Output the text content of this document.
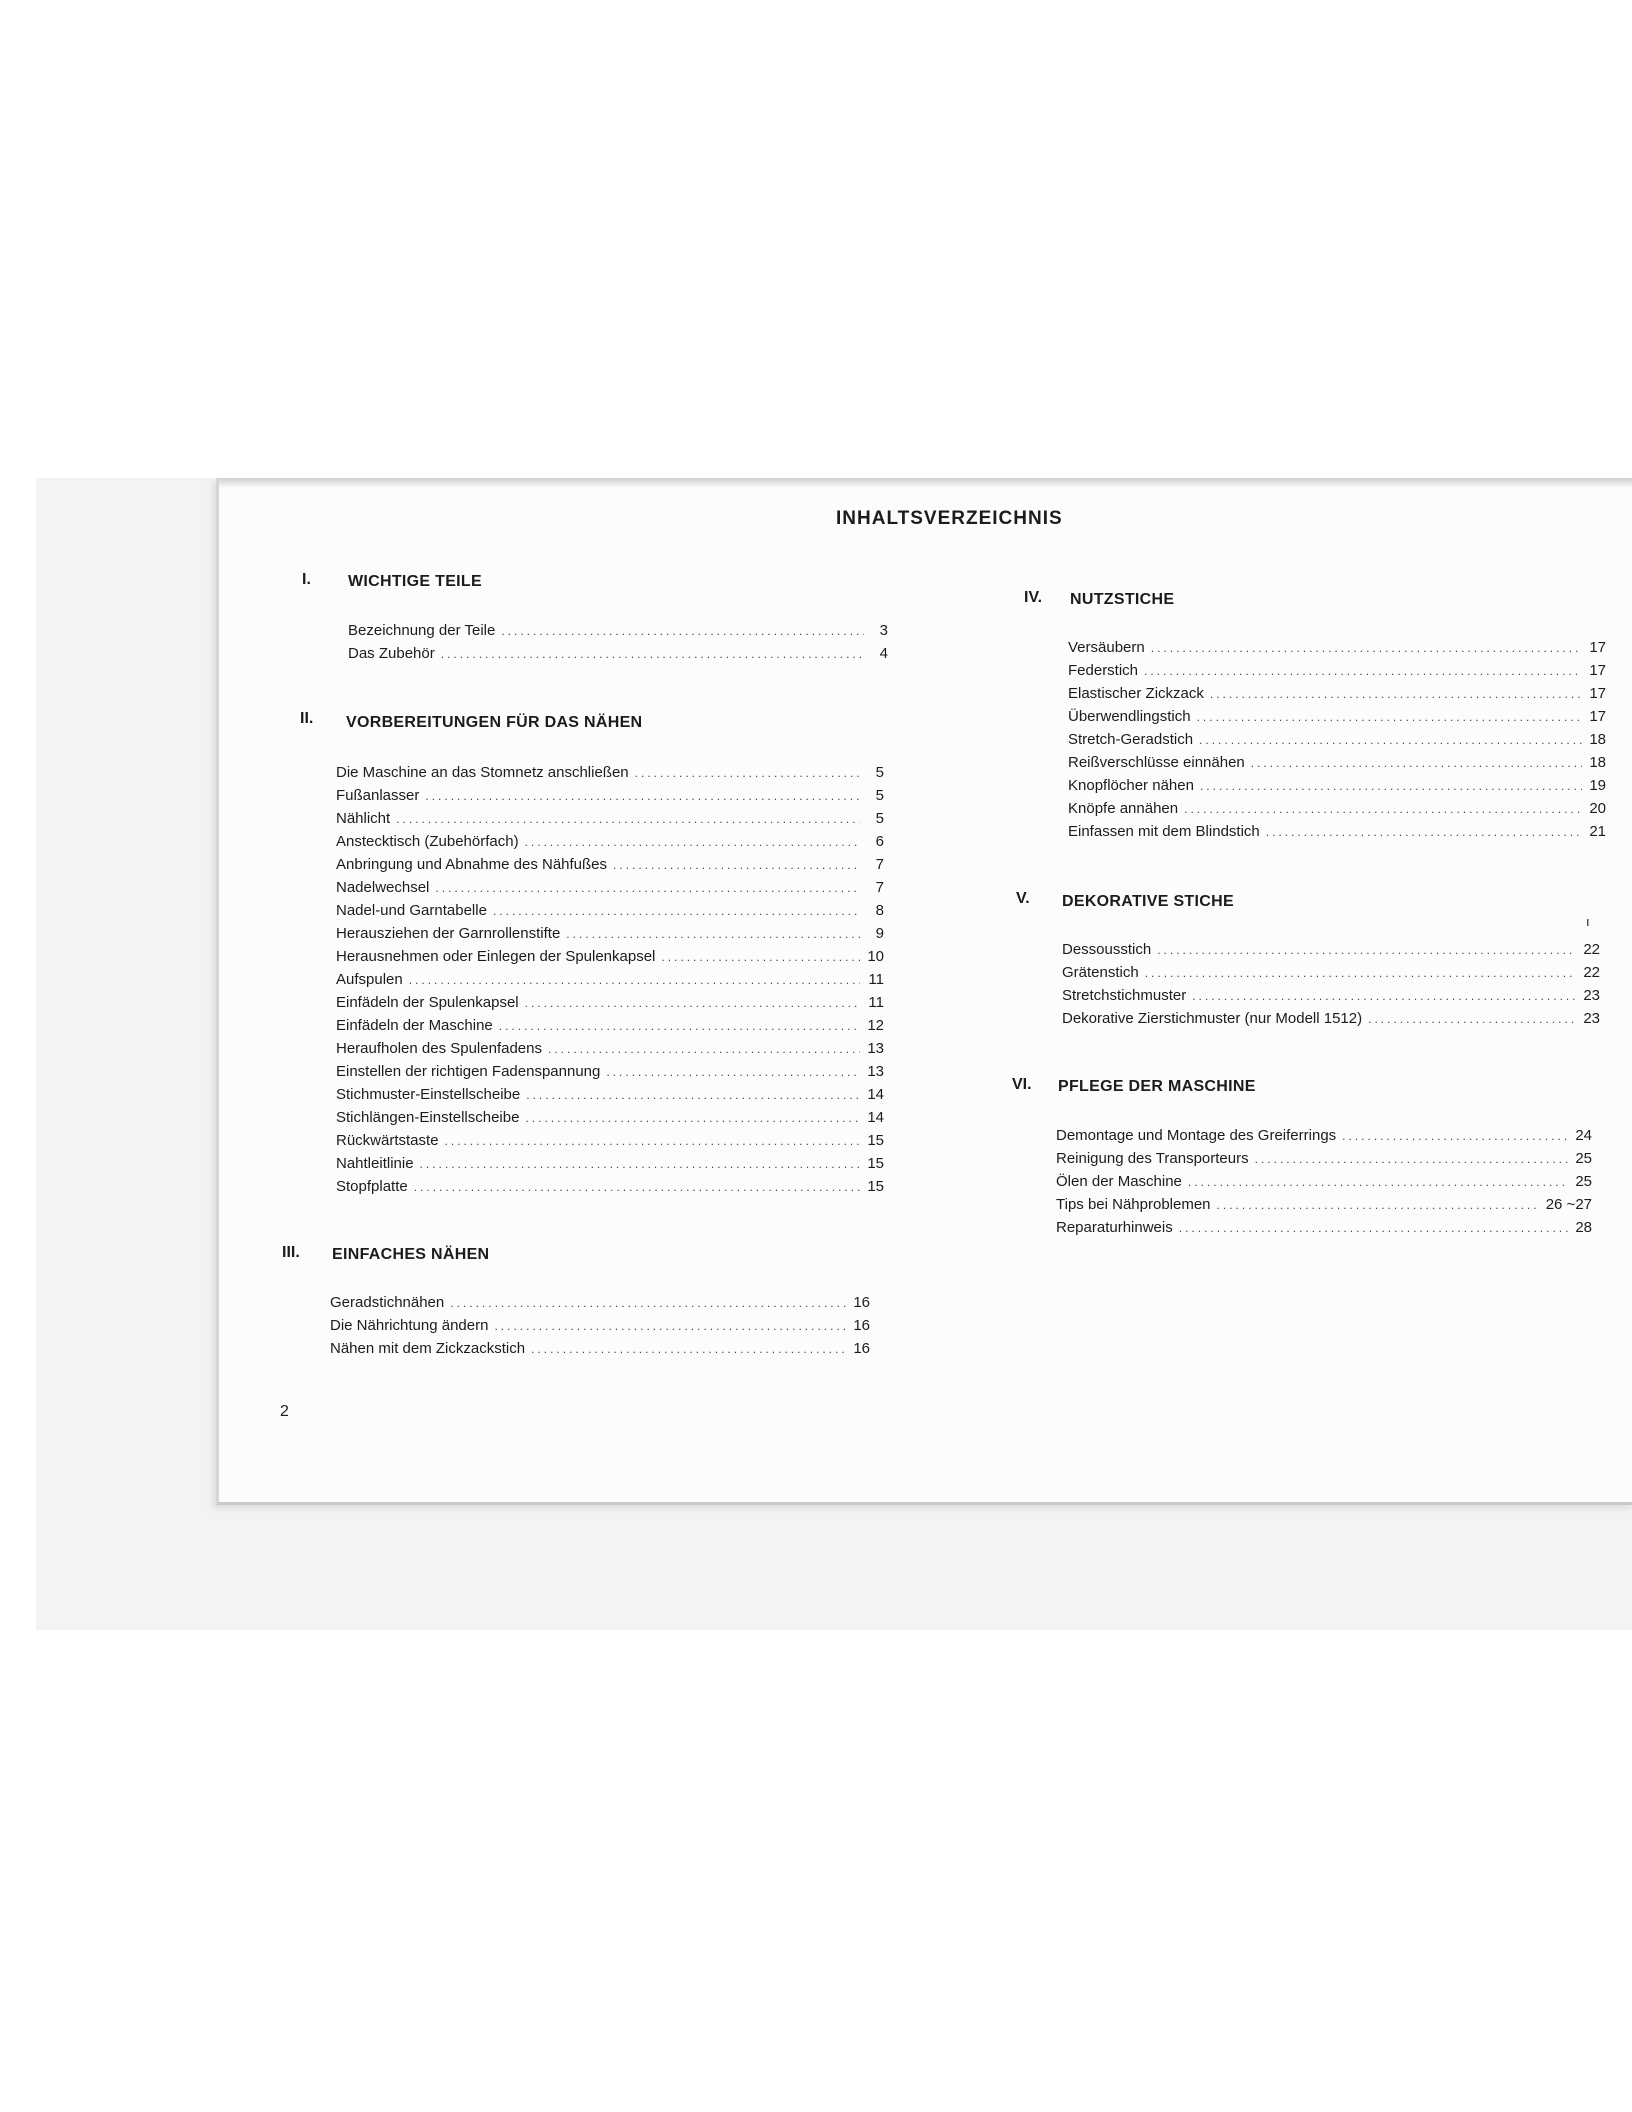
INHALTSVERZEICHNIS
I. WICHTIGE TEILE
Bezeichnung der Teile .....	3
Das Zubehör .....	4
II. VORBEREITUNGEN FÜR DAS NÄHEN
Die Maschine an das Stomnetz anschließen .....	5
Fußanlasser .....	5
Nählicht .....	5
Anstecktisch (Zubehörfach) .....	6
Anbringung und Abnahme des Nähfußes .....	7
Nadelwechsel .....	7
Nadel-und Garntabelle .....	8
Herausziehen der Garnrollenstifte .....	9
Herausnehmen oder Einlegen der Spulenkapsel .....	10
Aufspulen .....	11
Einfädeln der Spulenkapsel .....	11
Einfädeln der Maschine .....	12
Heraufholen des Spulenfadens .....	13
Einstellen der richtigen Fadenspannung .....	13
Stichmuster-Einstellscheibe .....	14
Stichlängen-Einstellscheibe .....	14
Rückwärtstaste .....	15
Nahtleitlinie .....	15
Stopfplatte .....	15
III. EINFACHES NÄHEN
Geradstichnähen .....	16
Die Nährichtung ändern .....	16
Nähen mit dem Zickzackstich .....	16
IV. NUTZSTICHE
Versäubern .....	17
Federstich .....	17
Elastischer Zickzack .....	17
Überwendlingstich .....	17
Stretch-Geradstich .....	18
Reißverschlüsse einnähen .....	18
Knopflöcher nähen .....	19
Knöpfe annähen .....	20
Einfassen mit dem Blindstich .....	21
V. DEKORATIVE STICHE
ı
Dessousstich .....	22
Grätenstich .....	22
Stretchstichmuster .....	23
Dekorative Zierstichmuster (nur Modell 1512) .....	23
VI. PFLEGE DER MASCHINE
Demontage und Montage des Greiferrings .....	24
Reinigung des Transporteurs .....	25
Ölen der Maschine .....	25
Tips bei Nähproblemen .....	26 ~27
Reparaturhinweis .....	28
2
